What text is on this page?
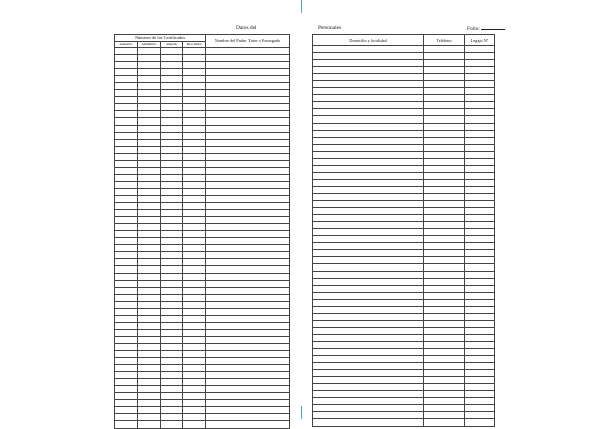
Datos del	Personales	Folio:
Números de los Certificados				Nombre del Padre, Tutor o Encargado
Asistentivo	Antidiftérico	Antipolio	Buco-Dental	

Domicilio y localidad	Teléfono	Legajo Nº
